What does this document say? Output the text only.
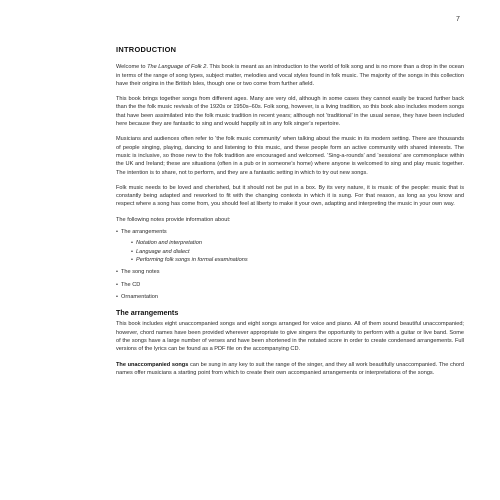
7
INTRODUCTION

Welcome to The Language of Folk 2. This book is meant as an introduction to the world of folk song and is no more than a drop in the ocean in terms of the range of song types, subject matter, melodies and vocal styles found in folk music. The majority of the songs in this collection have their origins in the British Isles, though one or two come from further afield.

This book brings together songs from different ages. Many are very old, although in some cases they cannot easily be traced further back than the the folk music revivals of the 1920s or 1950s–60s. Folk song, however, is a living tradition, so this book also includes modern songs that have been assimilated into the folk music tradition in recent years; although not ‘traditional’ in the usual sense, they have been included here because they are fantastic to sing and would happily sit in any folk singer’s repertoire.

Musicians and audiences often refer to ‘the folk music community’ when talking about the music in its modern setting. There are thousands of people singing, playing, dancing to and listening to this music, and these people form an active community with shared interests. The music is inclusive, so those new to the folk tradition are encouraged and welcomed. ‘Sing-a-rounds’ and ‘sessions’ are commonplace within the UK and Ireland; these are situations (often in a pub or in someone’s home) where anyone is welcomed to sing and play music together. The intention is to share, not to perform, and they are a fantastic setting in which to try out new songs.

Folk music needs to be loved and cherished, but it should not be put in a box. By its very nature, it is music of the people: music that is constantly being adapted and reworked to fit with the changing contexts in which it is sung. For that reason, as long as you know and respect where a song has come from, you should feel at liberty to make it your own, adapting and interpreting the music in your own way.

The following notes provide information about:

• The arrangements
• Notation and interpretation
• Language and dialect
• Performing folk songs in formal examinations
• The song notes
• The CD
• Ornamentation
The arrangements

This book includes eight unaccompanied songs and eight songs arranged for voice and piano. All of them sound beautiful unaccompanied; however, chord names have been provided wherever appropriate to give singers the opportunity to perform with a guitar or live band. Some of the songs have a large number of verses and have been shortened in the notated score in order to create condensed arrangements. Full versions of the lyrics can be found as a PDF file on the accompanying CD.

The unaccompanied songs can be sung in any key to suit the range of the singer, and they all work beautifully unaccompanied. The chord names offer musicians a starting point from which to create their own accompanied arrangements or interpretations of the songs.
